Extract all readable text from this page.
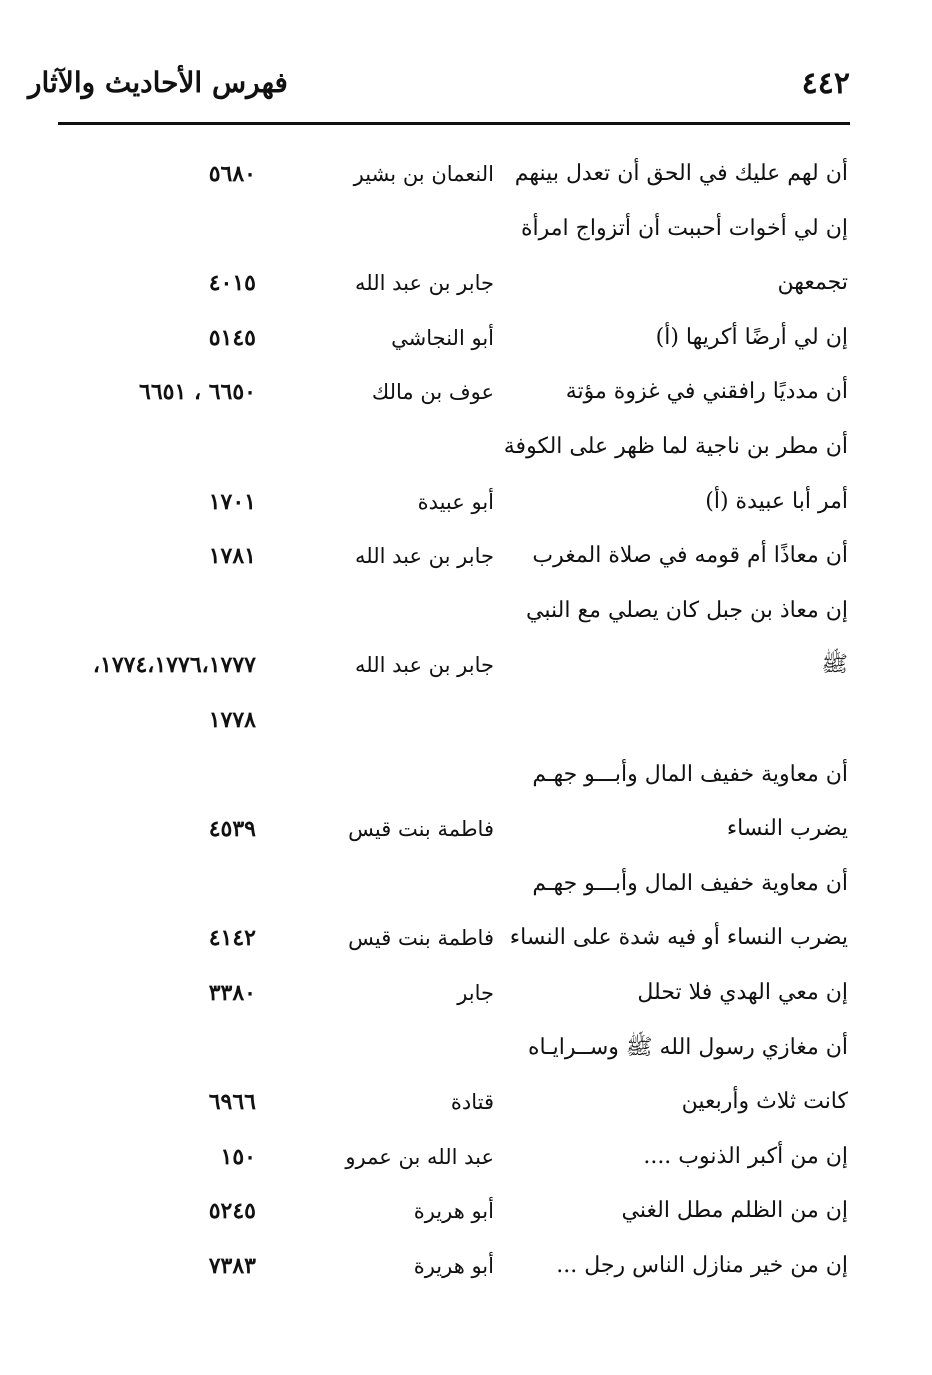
٤٤٢
فهرس الأحاديث والآثار
أن لهم عليك في الحق أن تعدل بينهم
النعمان بن بشير
٥٦٨٠
إن لي أخوات أحببت أن أتزواج امرأة
تجمعهن
جابر بن عبد الله
٤٠١٥
إن لي أرضًا أكريها (أ)
أبو النجاشي
٥١٤٥
أن مدديًا رافقني في غزوة مؤتة
عوف بن مالك
٦٦٥٠ ، ٦٦٥١
أن مطر بن ناجية لما ظهر على الكوفة
أمر أبا عبيدة (أ)
أبو عبيدة
١٧٠١
أن معاذًا أم قومه في صلاة المغرب
جابر بن عبد الله
١٧٨١
إن معاذ بن جبل كان يصلي مع النبي
ﷺ
جابر بن عبد الله
١٧٧٤،١٧٧٦،١٧٧٧،
١٧٧٨
أن معاوية خفيف المال وأبـــو جهـم
يضرب النساء
فاطمة بنت قيس
٤٥٣٩
أن معاوية خفيف المال وأبـــو جهـم
يضرب النساء أو فيه شدة على النساء
فاطمة بنت قيس
٤١٤٢
إن معي الهدي فلا تحلل
جابر
٣٣٨٠
أن مغازي رسول الله ﷺ وســرايـاه
كانت ثلاث وأربعين
قتادة
٦٩٦٦
إن من أكبر الذنوب ....
عبد الله بن عمرو
١٥٠
إن من الظلم مطل الغني
أبو هريرة
٥٢٤٥
إن من خير منازل الناس رجل ...
أبو هريرة
٧٣٨٣
